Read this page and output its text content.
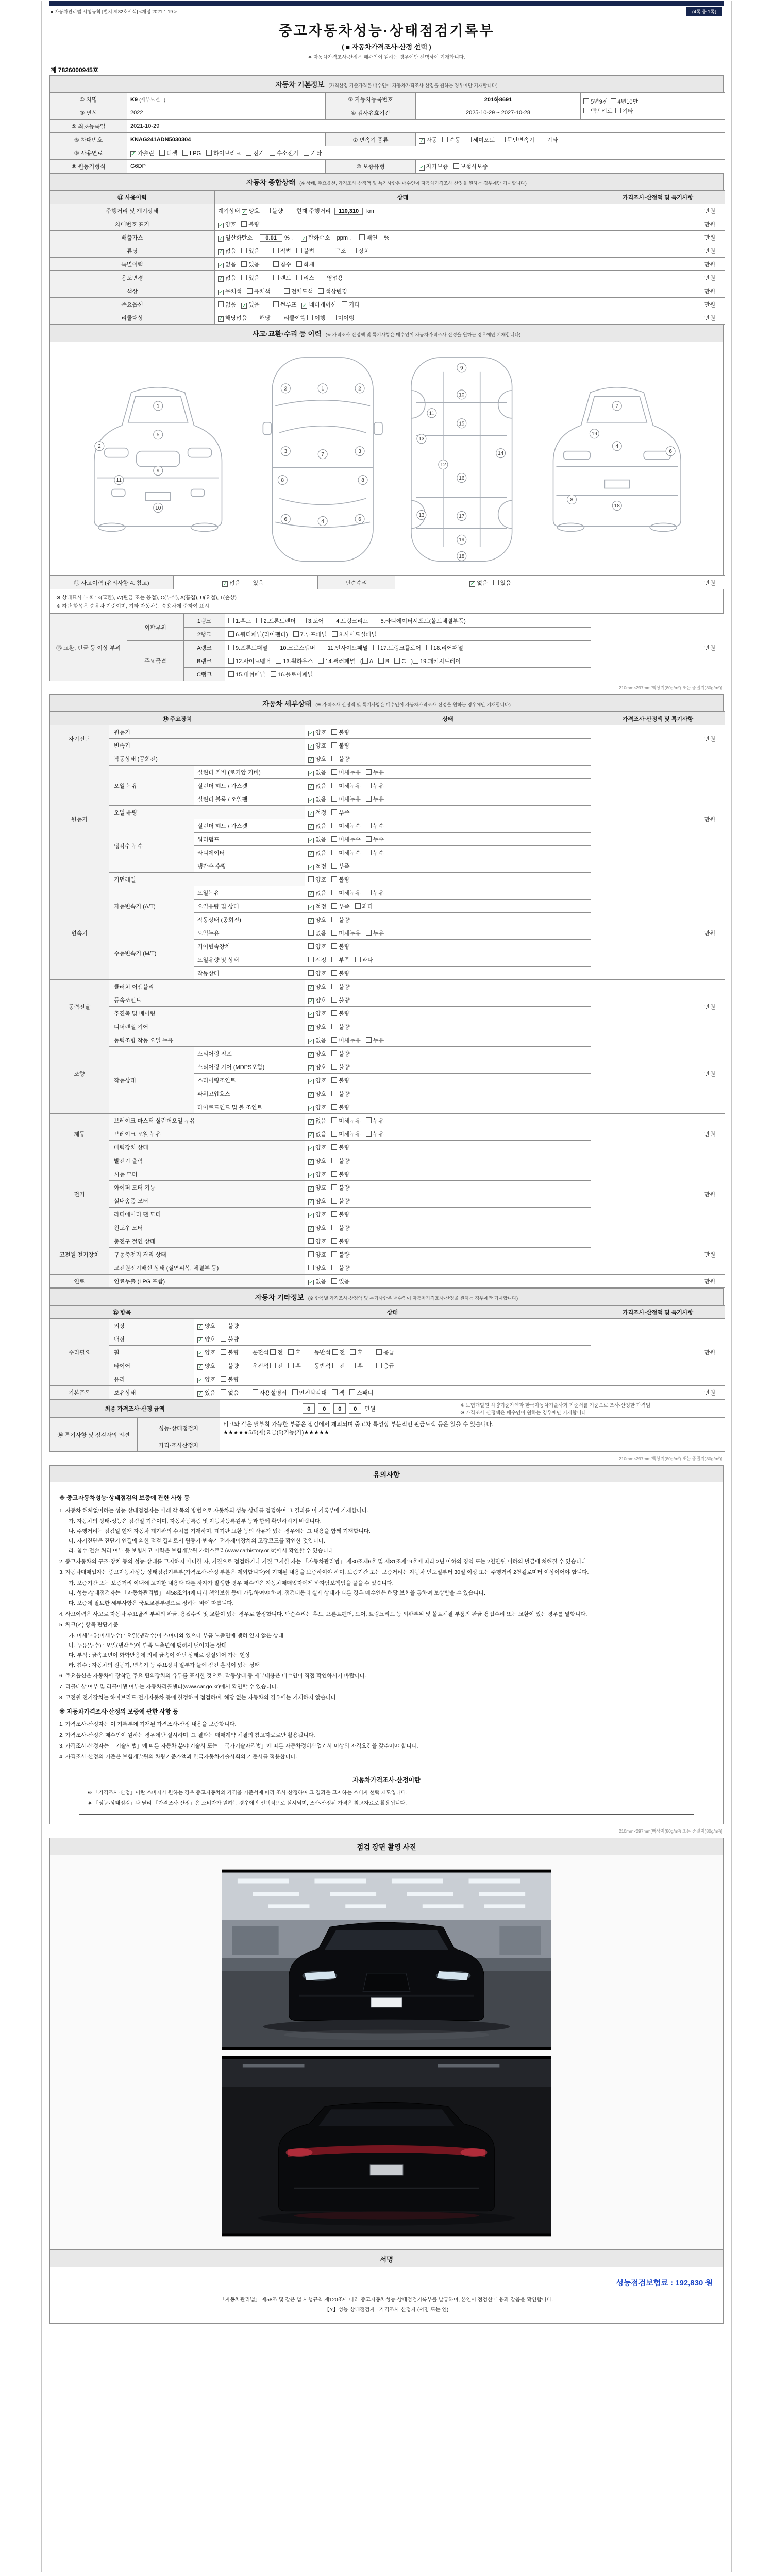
■ 자동차관리법 시행규칙 [별지 제82호서식] <개정 2021.1.19.>	(4쪽 중 1쪽)
중고자동차성능·상태점검기록부
( ■ 자동차가격조사·산정 선택 )
※ 자동차가격조사·산정은 매수인이 원하는 경우에만 선택하여 기재합니다.
제 7826000945호
자동차 기본정보 (가격산정 기준가격은 매수인이 자동차가격조사·산정을 원하는 경우에만 기재합니다)
① 차명	K9 (세부모델 : )	② 자동차등록번호	201하8691	5년9천 4년10만
백만키로 기타
③ 연식	2022	④ 검사유효기간	2025-10-29 ~ 2027-10-28	
⑤ 최초등록일	2021-10-29			
⑥ 차대번호	KNAG241ADN5030304	⑦ 변속기 종류	✓ 자동 수동 세미오토 무단변속기 기타	
⑧ 사용연료	✓ 가솔린 디젤 LPG 하이브리드 전기 수소전기 기타			
⑨ 원동기형식	G6DP	⑩ 보증유형	✓ 자가보증 보험사보증	
자동차 종합상태 (※ 상태, 주요옵션, 가격조사·산정액 및 특기사항은 매수인이 자동차가격조사·산정을 원하는 경우에만 기재합니다)
⑪ 사용이력	상태	가격조사·산정액 및 특기사항
주행거리 및 계기상태	계기상태 ✓ 양호 불량 현재 주행거리 110,310 km	만원
차대번호 표기	✓ 양호 불량	만원
배출가스	✓ 일산화탄소 0.01 % , ✓ 탄화수소 ppm , 매연 %	만원
튜닝	✓ 없음 있음 적법 불법 구조 장치	만원
특별이력	✓ 없음 있음 침수 화재	만원
용도변경	✓ 없음 있음 렌트 리스 영업용	만원
색상	✓ 무채색 유채색 전체도색 색상변경	만원
주요옵션	없음 ✓ 있음 썬루프 ✓ 네비게이션 기타	만원
리콜대상	✓ 해당없음 해당 리콜이행 이행 미이행	만원
사고·교환·수리 등 이력 (※ 가격조사·산정액 및 특기사항은 매수인이 자동차가격조사·산정을 원하는 경우에만 기재합니다)
1
2
5
9
10
11
2	1	2
3
7
3
8	8
6	4	6
9
10
11
15
13
12
14
16
13	17
19
18
7
19
4
6
8
18
⑫ 사고이력 (유의사항 4. 참고)	✓ 없음 있음	단순수리	✓ 없음 있음	만원
※ 상태표시 부호 : ×(교환), W(판금 또는 용접), C(부식), A(흠집), U(요철), T(손상)
※ 하단 항목은 승용차 기준이며, 기타 자동차는 승용차에 준하여 표시
⑬ 교환, 판금 등 이상 부위	외판부위	1랭크	1.후드 2.프론트펜더 3.도어 4.트렁크리드 5.라디에이터서포트(볼트체결부품)	만원
		2랭크	6.쿼터패널(리어펜더) 7.루프패널 8.사이드실패널	
	주요골격	A랭크	9.프론트패널 10.크로스멤버 11.인사이드패널 17.트렁크플로어 18.리어패널	
		B랭크	12.사이드멤버 13.휠하우스 14.필러패널 ( A B C ) 19.패키지트레이	
		C랭크	15.대쉬패널 16.플로어패널	
210mm×297mm[백상지(80g/m²) 또는 중질지(80g/m²)]
자동차 세부상태 (※ 가격조사·산정액 및 특기사항은 매수인이 자동차가격조사·산정을 원하는 경우에만 기재합니다)
⑭ 주요장치			상태	가격조사·산정액 및 특기사항
자기진단	원동기		✓ 양호 불량	만원
	변속기		✓ 양호 불량	
원동기	작동상태 (공회전)		✓ 양호 불량	만원
	오일 누유	실린더 커버 (로커암 커버)	✓ 없음 미세누유 누유	
		실린더 헤드 / 가스켓	✓ 없음 미세누유 누유	
		실린더 블록 / 오일팬	✓ 없음 미세누유 누유	
	오일 유량		✓ 적정 부족	
	냉각수 누수	실린더 헤드 / 가스켓	✓ 없음 미세누수 누수	
		워터펌프	✓ 없음 미세누수 누수	
		라디에이터	✓ 없음 미세누수 누수	
		냉각수 수량	✓ 적정 부족	
	커먼레일		양호 불량	
변속기	자동변속기 (A/T)	오일누유	✓ 없음 미세누유 누유	만원
		오일유량 및 상태	✓ 적정 부족 과다	
		작동상태 (공회전)	✓ 양호 불량	
	수동변속기 (M/T)	오일누유	없음 미세누유 누유	
		기어변속장치	양호 불량	
		오일유량 및 상태	적정 부족 과다	
		작동상태	양호 불량	
동력전달	클러치 어셈블리		✓ 양호 불량	만원
	등속조인트		✓ 양호 불량	
	추진축 및 베어링		✓ 양호 불량	
	디퍼렌셜 기어		✓ 양호 불량	
조향	동력조향 작동 오일 누유		✓ 없음 미세누유 누유	만원
	작동상태	스티어링 펌프	✓ 양호 불량	
		스티어링 기어 (MDPS포함)	✓ 양호 불량	
		스티어링조인트	✓ 양호 불량	
		파워고압호스	✓ 양호 불량	
		타이로드엔드 및 볼 조인트	✓ 양호 불량	
제동	브레이크 마스터 실린더오일 누유		✓ 없음 미세누유 누유	만원
	브레이크 오일 누유		✓ 없음 미세누유 누유	
	배력장치 상태		✓ 양호 불량	
전기	발전기 출력		✓ 양호 불량	만원
	시동 모터		✓ 양호 불량	
	와이퍼 모터 기능		✓ 양호 불량	
	실내송풍 모터		✓ 양호 불량	
	라디에이터 팬 모터		✓ 양호 불량	
	윈도우 모터		✓ 양호 불량	
고전원 전기장치	충전구 절연 상태		양호 불량	만원
	구동축전지 격리 상태		양호 불량	
	고전원전기배선 상태 (절연피복, 체결부 등)		양호 불량	
연료	연료누출 (LPG 포함)		✓ 없음 있음	만원
자동차 기타정보 (※ 항목별 가격조사·산정액 및 특기사항은 매수인이 자동차가격조사·산정을 원하는 경우에만 기재합니다)
⑮ 항목		상태	가격조사·산정액 및 특기사항
수리필요	외장	✓ 양호 불량	만원
	내장	✓ 양호 불량	
	휠	✓ 양호 불량 운전석 전 후 동반석 전 후 응급	
	타이어	✓ 양호 불량 운전석 전 후 동반석 전 후 응급	
	유리	✓ 양호 불량	
기본품목	보유상태	✓ 있음 없음 사용설명서 안전삼각대 잭 스패너	만원
최종 가격조사·산정 금액	0 0 0 0 만원	※ 보험개발원 차량기준가액과 한국자동차기술사회 기준서를 기준으로 조사·산정한 가격임
※ 가격조사·산정액은 매수인이 원하는 경우에만 기재합니다
⑯ 특기사항 및 점검자의 의견	성능·상태점검자	비고와 같은 탈부착 가능한 부품은 점검에서 제외되며 중고차 특성상 부분적인 판금도색 등은 있을 수 있습니다.
★★★★★5/5(제)요금(5)기능(가)★★★★★
	가격·조사산정자	
210mm×297mm[백상지(80g/m²) 또는 중질지(80g/m²)]
유의사항
※ 중고자동차성능·상태점검의 보증에 관한 사항 등
1. 자동차 해체없이하는 성능·상태점검자는 아래 각 목의 방법으로 자동차의 성능·상태를 점검하여 그 결과를 이 기록부에 기재합니다.
가. 자동차의 상태·성능은 점검일 기준이며, 자동차등록증 및 자동차등록원부 등과 함께 확인하시기 바랍니다.
나. 주행거리는 점검일 현재 자동차 계기판의 수치를 기재하며, 계기판 교환 등의 사유가 있는 경우에는 그 내용을 함께 기재합니다.
다. 자기진단은 진단기 연결에 의한 점검 결과로서 원동기·변속기 전자제어장치의 고장코드를 확인한 것입니다.
라. 침수·전손 처리 여부 등 보험사고 이력은 보험개발원 카히스토리(www.carhistory.or.kr)에서 확인할 수 있습니다.
2. 중고자동차의 구조·장치 등의 성능·상태를 고지하지 아니한 자, 거짓으로 점검하거나 거짓 고지한 자는 「자동차관리법」 제80조제6호 및 제81조제19호에 따라 2년 이하의 징역 또는 2천만원 이하의 벌금에 처해질 수 있습니다.
3. 자동차매매업자는 중고자동차성능·상태점검기록부(가격조사·산정 부분은 제외합니다)에 기재된 내용을 보증하여야 하며, 보증기간 또는 보증거리는 자동차 인도일부터 30일 이상 또는 주행거리 2천킬로미터 이상이어야 합니다.
가. 보증기간 또는 보증거리 이내에 고지한 내용과 다른 하자가 발생한 경우 매수인은 자동차매매업자에게 하자담보책임을 물을 수 있습니다.
나. 성능·상태점검자는 「자동차관리법」 제58조의4에 따라 책임보험 등에 가입하여야 하며, 점검내용과 실제 상태가 다른 경우 매수인은 해당 보험을 통하여 보상받을 수 있습니다.
다. 보증에 필요한 세부사항은 국토교통부령으로 정하는 바에 따릅니다.
4. 사고이력은 사고로 자동차 주요골격 부위의 판금, 용접수리 및 교환이 있는 경우로 한정합니다. 단순수리는 후드, 프론트펜더, 도어, 트렁크리드 등 외판부위 및 볼트체결 부품의 판금·용접수리 또는 교환이 있는 경우를 말합니다.
5. 체크(✓) 항목 판단기준
가. 미세누유(미세누수) : 오일(냉각수)이 스며나와 있으나 부품 노출면에 맺혀 있지 않은 상태
나. 누유(누수) : 오일(냉각수)이 부품 노출면에 맺혀서 떨어지는 상태
다. 부식 : 금속표면이 화학반응에 의해 금속이 아닌 상태로 상실되어 가는 현상
라. 침수 : 자동차의 원동기, 변속기 등 주요장치 일부가 물에 잠긴 흔적이 있는 상태
6. 주요옵션은 자동차에 장착된 주요 편의장치의 유무를 표시한 것으로, 작동상태 등 세부내용은 매수인이 직접 확인하시기 바랍니다.
7. 리콜대상 여부 및 리콜이행 여부는 자동차리콜센터(www.car.go.kr)에서 확인할 수 있습니다.
8. 고전원 전기장치는 하이브리드·전기자동차 등에 한정하여 점검하며, 해당 없는 자동차의 경우에는 기재하지 않습니다.
※ 자동차가격조사·산정의 보증에 관한 사항 등
1. 가격조사·산정자는 이 기록부에 기재된 가격조사·산정 내용을 보증합니다.
2. 가격조사·산정은 매수인이 원하는 경우에만 실시하며, 그 결과는 매매계약 체결의 참고자료로만 활용됩니다.
3. 가격조사·산정자는 「기술사법」에 따른 자동차 분야 기술사 또는 「국가기술자격법」에 따른 자동차정비산업기사 이상의 자격요건을 갖추어야 합니다.
4. 가격조사·산정의 기준은 보험개발원의 차량기준가액과 한국자동차기술사회의 기준서를 적용합니다.
자동차가격조사·산정이란
※ 「가격조사·산정」이란 소비자가 원하는 경우 중고자동차의 가격을 기준서에 따라 조사·산정하여 그 결과를 고지하는 소비자 선택 제도입니다.
※ 「성능·상태점검」과 달리 「가격조사·산정」은 소비자가 원하는 경우에만 선택적으로 실시되며, 조사·산정된 가격은 참고자료로 활용됩니다.
210mm×297mm[백상지(80g/m²) 또는 중질지(80g/m²)]
점검 장면 촬영 사진
서명
성능점검보험료 : 192,830 원
「자동차관리법」 제58조 및 같은 법 시행규칙 제120조에 따라 중고자동차성능·상태점검기록부를 발급하며, 본인이 점검한 내용과 같음을 확인합니다.
【Y】성능·상태점검자 · 가격조사·산정자 (서명 또는 인)
